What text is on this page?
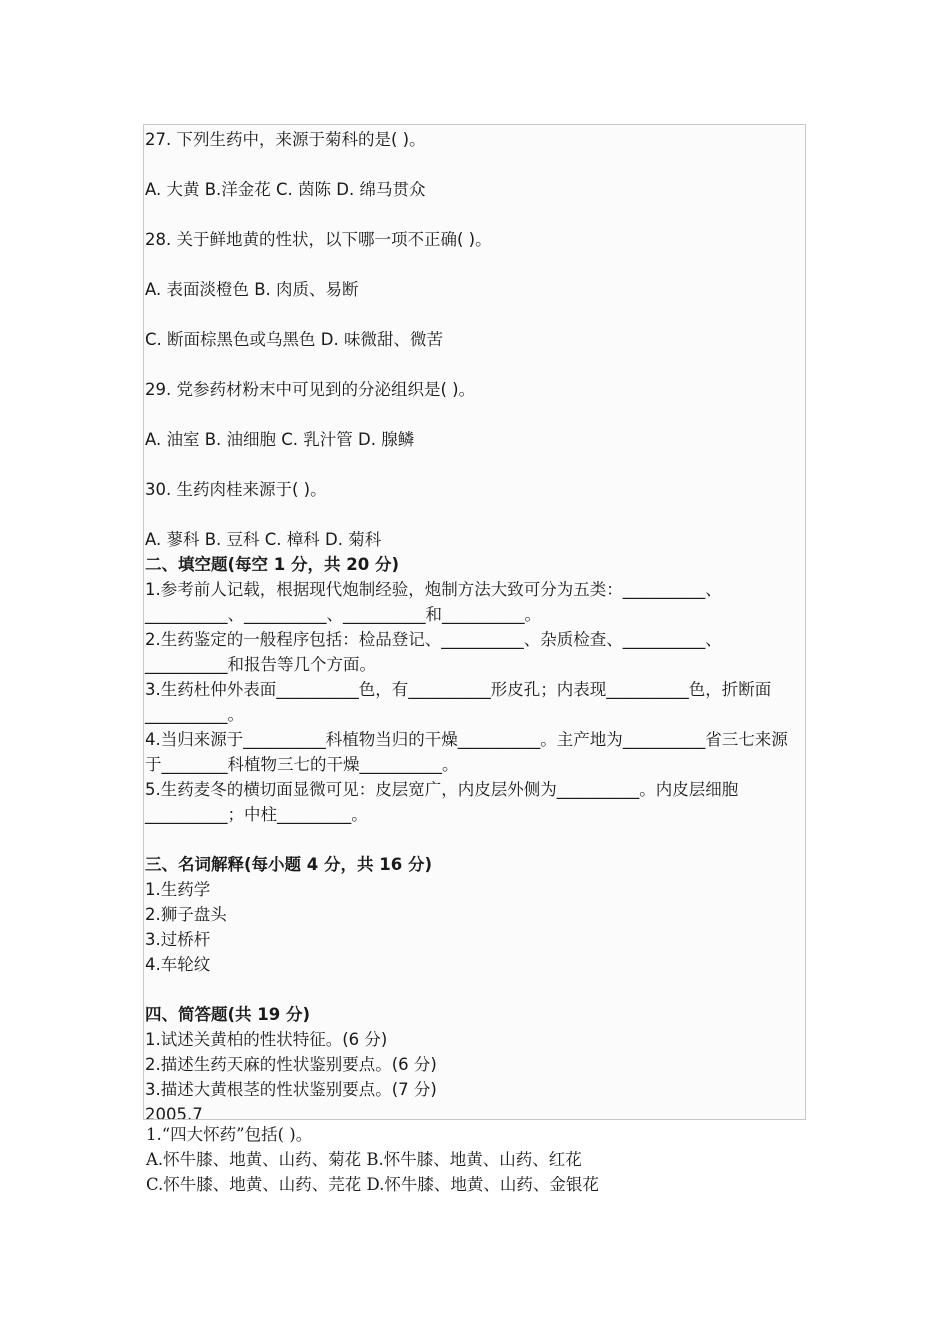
27. 下列生药中，来源于菊科的是( )。

A. 大黄 B.洋金花 C. 茵陈 D. 绵马贯众

28. 关于鲜地黄的性状，以下哪一项不正确( )。

A. 表面淡橙色 B. 肉质、易断

C. 断面棕黑色或乌黑色 D. 味微甜、微苦

29. 党参药材粉末中可见到的分泌组织是( )。

A. 油室 B. 油细胞 C. 乳汁管 D. 腺鳞

30. 生药肉桂来源于( )。

A. 蓼科 B. 豆科 C. 樟科 D. 菊科

二、填空题(每空 1 分，共 20 分)

1.参考前人记载，根据现代炮制经验，炮制方法大致可分为五类：__________、__________、__________、__________和__________。

2.生药鉴定的一般程序包括：检品登记、__________、杂质检查、__________、__________和报告等几个方面。

3.生药杜仲外表面__________色，有__________形皮孔；内表现__________色，折断面__________。

4.当归来源于__________科植物当归的干燥__________。主产地为__________省三七来源于________科植物三七的干燥__________。

5.生药麦冬的横切面显微可见：皮层宽广，内皮层外侧为__________。内皮层细胞__________；中柱_________。

三、名词解释(每小题 4 分，共 16 分)

1.生药学

2.狮子盘头

3.过桥杆

4.车轮纹

四、简答题(共 19 分)

1.试述关黄柏的性状特征。(6 分)

2.描述生药天麻的性状鉴别要点。(6 分)

3.描述大黄根茎的性状鉴别要点。(7 分)

2005.7

1.“四大怀药”包括( )。

A.怀牛膝、地黄、山药、菊花 B.怀牛膝、地黄、山药、红花

C.怀牛膝、地黄、山药、芫花 D.怀牛膝、地黄、山药、金银花
